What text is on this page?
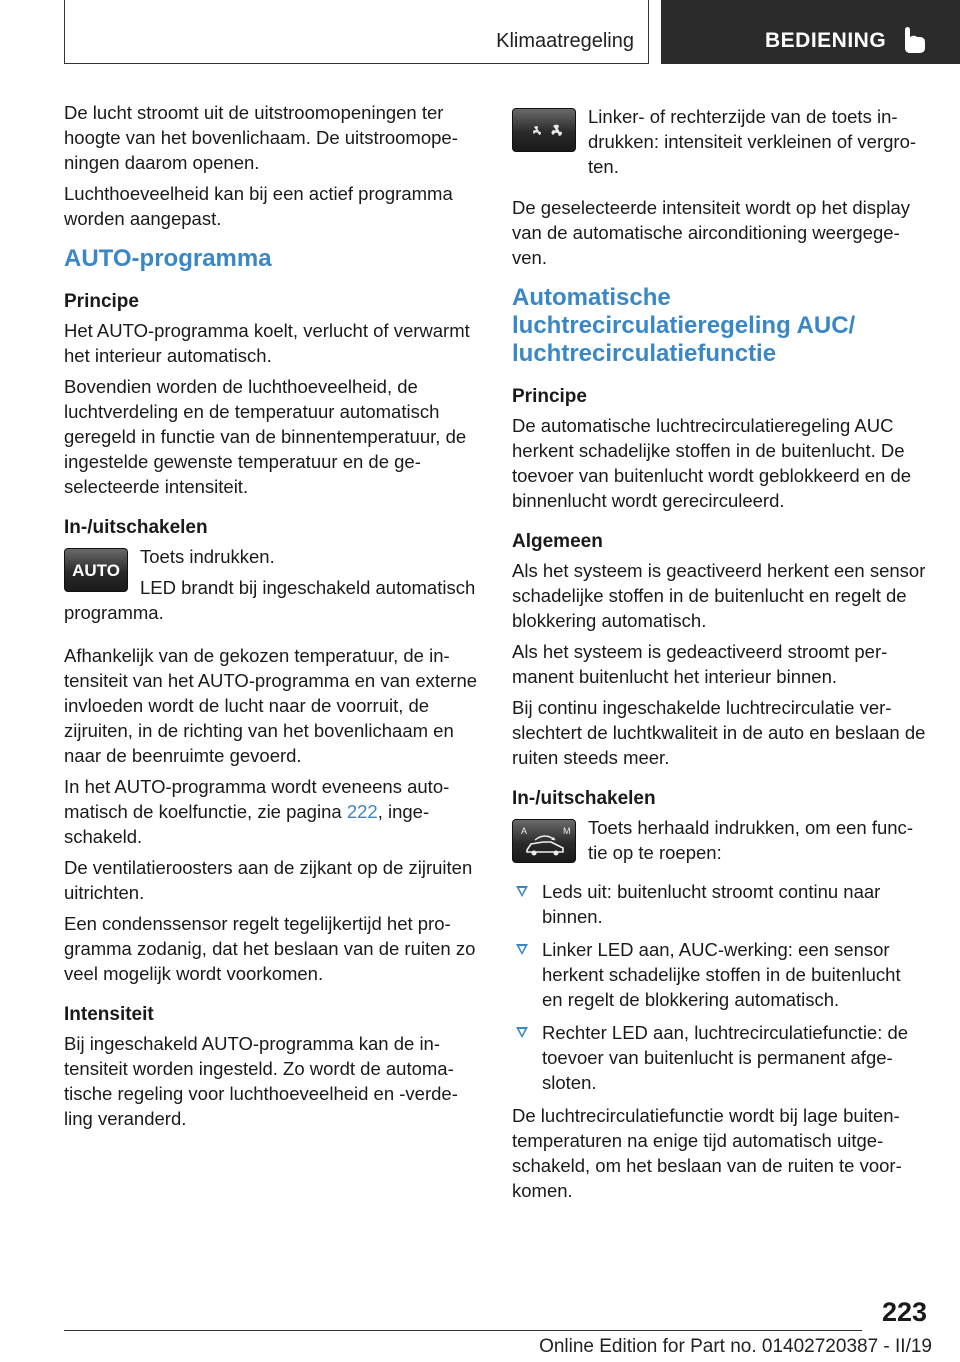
Klimaatregeling	BEDIENING

De lucht stroomt uit de uitstroomopeningen ter hoogte van het bovenlichaam. De uitstroomopeningen daarom openen.

Luchthoeveelheid kan bij een actief programma worden aangepast.

AUTO-programma
Principe

Het AUTO-programma koelt, verlucht of verwarmt het interieur automatisch.

Bovendien worden de luchthoeveelheid, de luchtverdeling en de temperatuur automatisch geregeld in functie van de binnentemperatuur, de ingestelde gewenste temperatuur en de geselecteerde intensiteit.

In-/uitschakelen
AUTO

Toets indrukken.

LED brandt bij ingeschakeld automatisch programma.

Afhankelijk van de gekozen temperatuur, de intensiteit van het AUTO-programma en van externe invloeden wordt de lucht naar de voorruit, de zijruiten, in de richting van het bovenlichaam en naar de beenruimte gevoerd.

In het AUTO-programma wordt eveneens automatisch de koelfunctie, zie pagina 222, ingeschakeld.

De ventilatieroosters aan de zijkant op de zijruiten uitrichten.

Een condenssensor regelt tegelijkertijd het programma zodanig, dat het beslaan van de ruiten zo veel mogelijk wordt voorkomen.

Intensiteit

Bij ingeschakeld AUTO-programma kan de intensiteit worden ingesteld. Zo wordt de automatische regeling voor luchthoeveelheid en -verdeling veranderd.

Linker- of rechterzijde van de toets indrukken: intensiteit verkleinen of vergroten.

De geselecteerde intensiteit wordt op het display van de automatische airconditioning weergegeven.

Automatische luchtrecirculatieregeling AUC/ luchtrecirculatiefunctie
Principe

De automatische luchtrecirculatieregeling AUC herkent schadelijke stoffen in de buitenlucht. De toevoer van buitenlucht wordt geblokkeerd en de binnenlucht wordt gerecirculeerd.

Algemeen

Als het systeem is geactiveerd herkent een sensor schadelijke stoffen in de buitenlucht en regelt de blokkering automatisch.

Als het systeem is gedeactiveerd stroomt permanent buitenlucht het interieur binnen.

Bij continu ingeschakelde luchtrecirculatie verslechtert de luchtkwaliteit in de auto en beslaan de ruiten steeds meer.

In-/uitschakelen
A	M Toets herhaald indrukken, om een functie op te roepen:

Leds uit: buitenlucht stroomt continu naar binnen.
Linker LED aan, AUC-werking: een sensor herkent schadelijke stoffen in de buitenlucht en regelt de blokkering automatisch.
Rechter LED aan, luchtrecirculatiefunctie: de toevoer van buitenlucht is permanent afgesloten.

De luchtrecirculatiefunctie wordt bij lage buitentemperaturen na enige tijd automatisch uitgeschakeld, om het beslaan van de ruiten te voorkomen.

223
Online Edition for Part no. 01402720387 - II/19
